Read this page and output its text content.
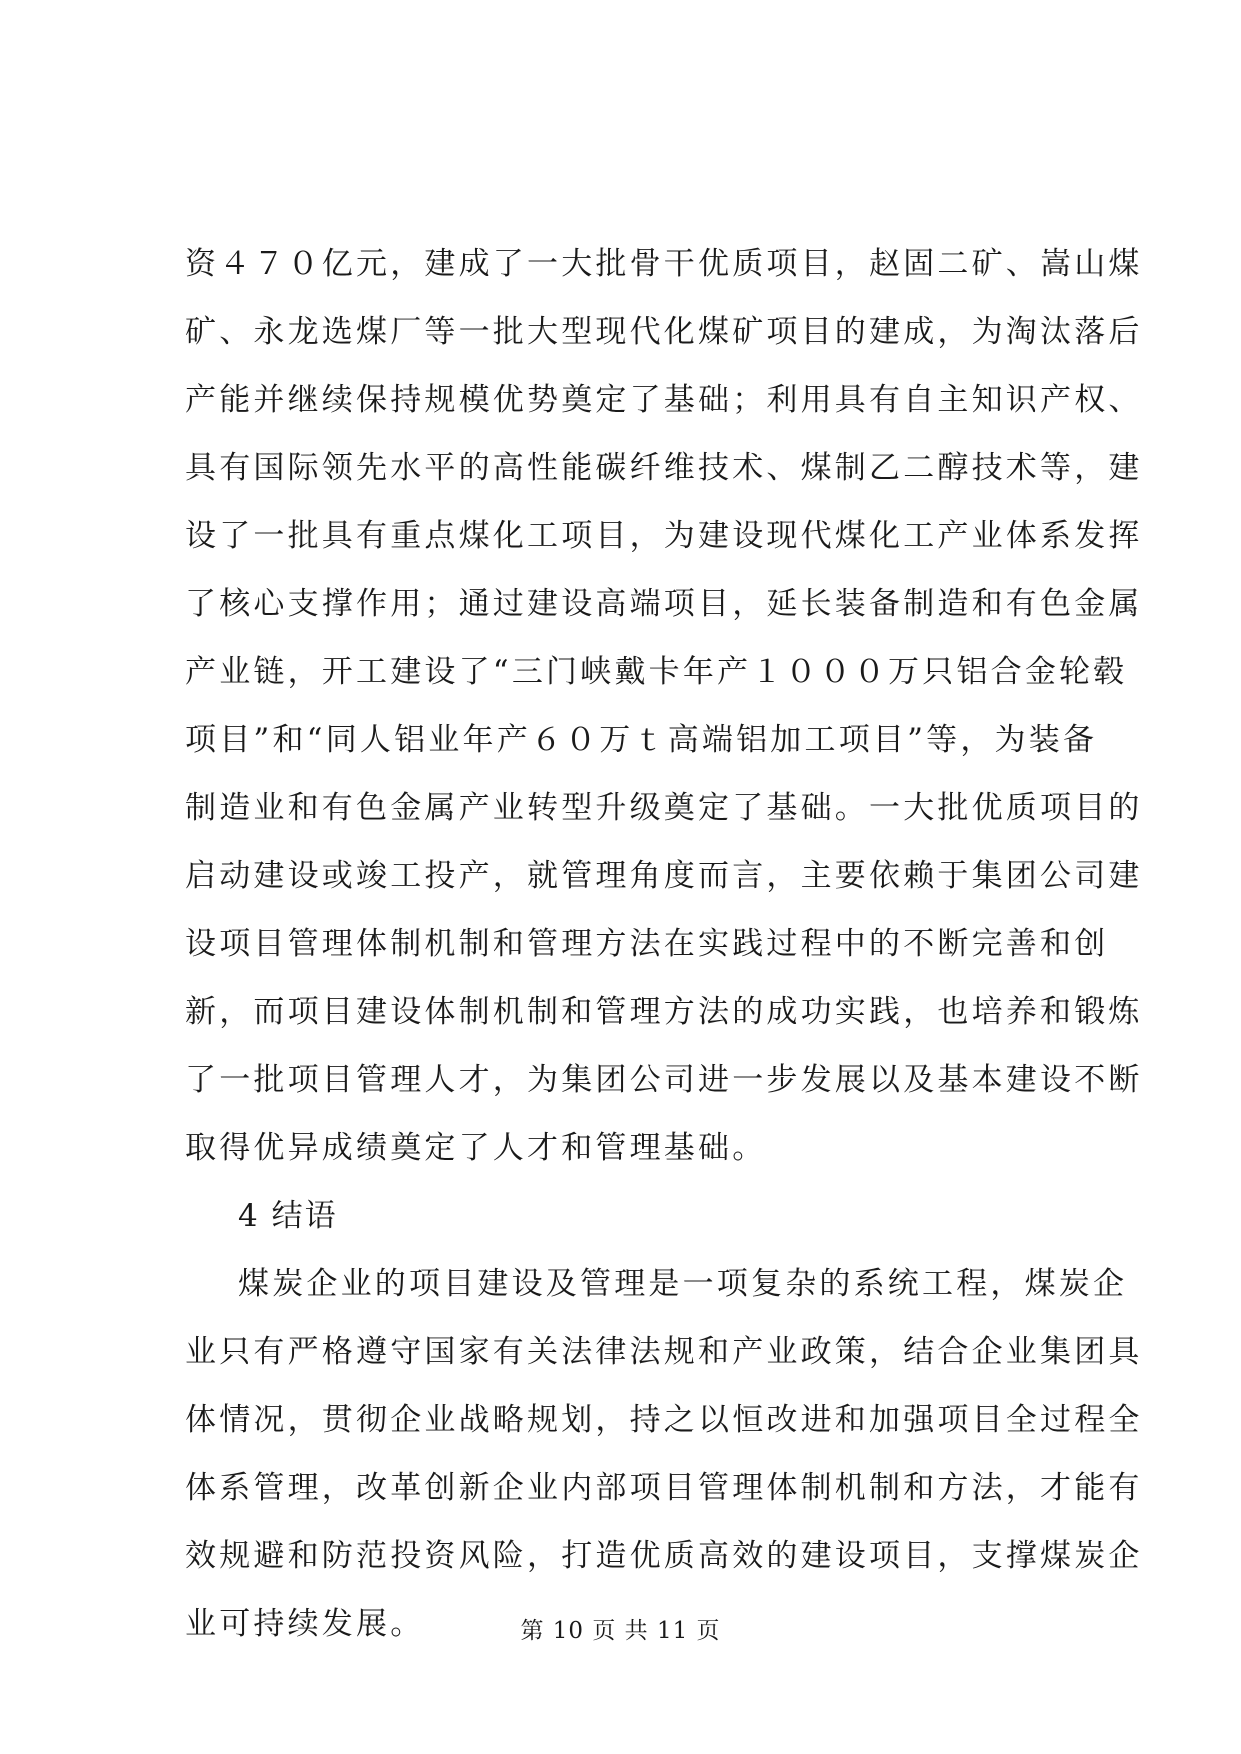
资４７０亿元，建成了一大批骨干优质项目，赵固二矿、嵩山煤
矿、永龙选煤厂等一批大型现代化煤矿项目的建成，为淘汰落后
产能并继续保持规模优势奠定了基础；利用具有自主知识产权、
具有国际领先水平的高性能碳纤维技术、煤制乙二醇技术等，建
设了一批具有重点煤化工项目，为建设现代煤化工产业体系发挥
了核心支撑作用；通过建设高端项目，延长装备制造和有色金属
产业链，开工建设了“三门峡戴卡年产１０００万只铝合金轮毂
项目”和“同人铝业年产６０万ｔ高端铝加工项目”等，为装备
制造业和有色金属产业转型升级奠定了基础。一大批优质项目的
启动建设或竣工投产，就管理角度而言，主要依赖于集团公司建
设项目管理体制机制和管理方法在实践过程中的不断完善和创
新，而项目建设体制机制和管理方法的成功实践，也培养和锻炼
了一批项目管理人才，为集团公司进一步发展以及基本建设不断
取得优异成绩奠定了人才和管理基础。
4 结语
煤炭企业的项目建设及管理是一项复杂的系统工程，煤炭企
业只有严格遵守国家有关法律法规和产业政策，结合企业集团具
体情况，贯彻企业战略规划，持之以恒改进和加强项目全过程全
体系管理，改革创新企业内部项目管理体制机制和方法，才能有
效规避和防范投资风险，打造优质高效的建设项目，支撑煤炭企
业可持续发展。	第 10 页 共 11 页
